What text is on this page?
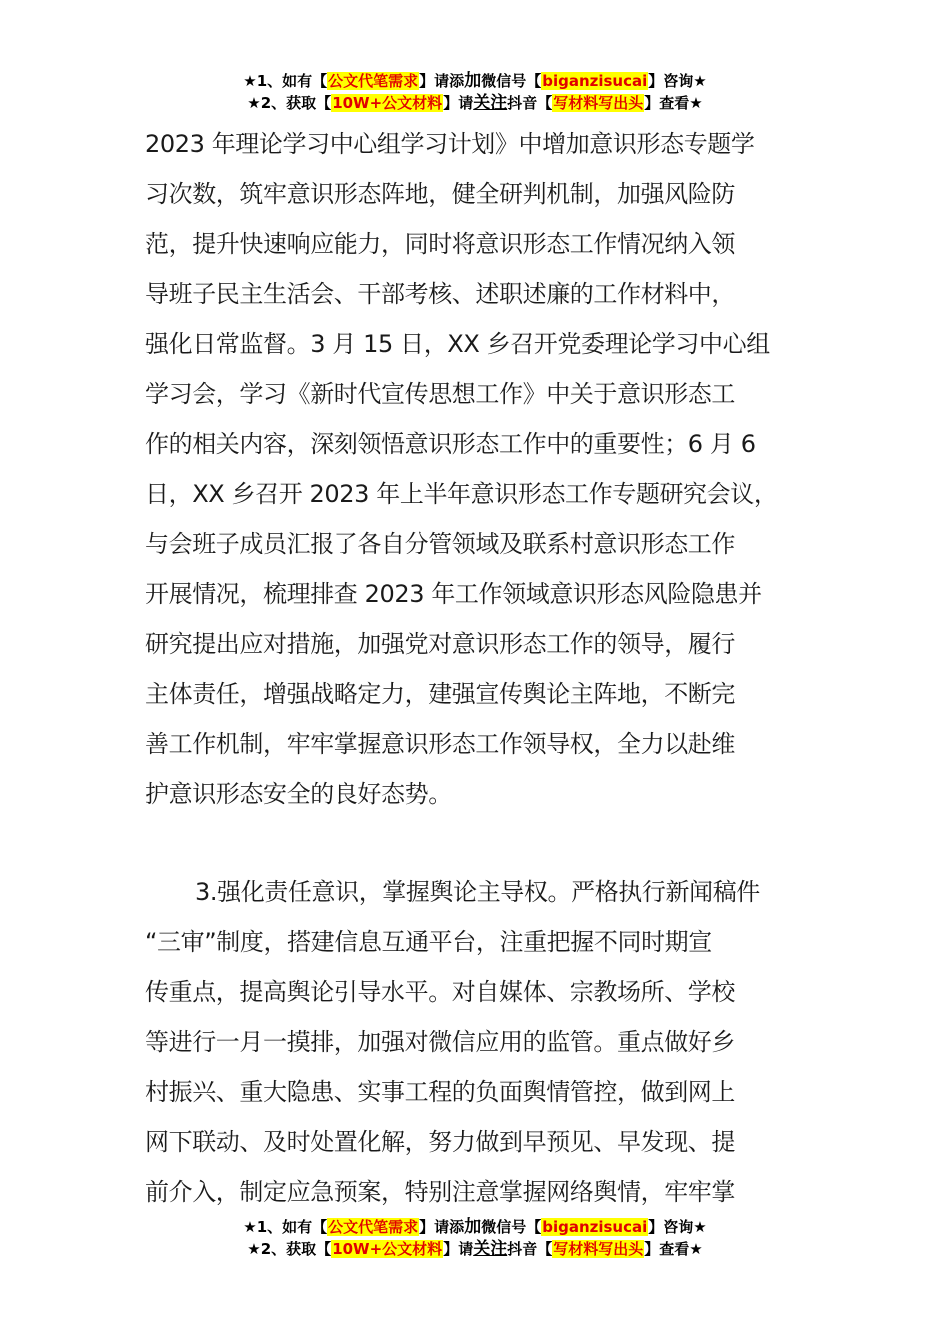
★1、如有【公文代笔需求】请添加微信号【biganzisucai】咨询★
★2、获取【10W+公文材料】请关注抖音【写材料写出头】查看★
2023 年理论学习中心组学习计划》中增加意识形态专题学
习次数，筑牢意识形态阵地，健全研判机制，加强风险防
范，提升快速响应能力，同时将意识形态工作情况纳入领
导班子民主生活会、干部考核、述职述廉的工作材料中，
强化日常监督。3 月 15 日，XX 乡召开党委理论学习中心组
学习会，学习《新时代宣传思想工作》中关于意识形态工
作的相关内容，深刻领悟意识形态工作中的重要性；6 月 6
日，XX 乡召开 2023 年上半年意识形态工作专题研究会议，
与会班子成员汇报了各自分管领域及联系村意识形态工作
开展情况，梳理排查 2023 年工作领域意识形态风险隐患并
研究提出应对措施，加强党对意识形态工作的领导，履行
主体责任，增强战略定力，建强宣传舆论主阵地，不断完
善工作机制，牢牢掌握意识形态工作领导权，全力以赴维
护意识形态安全的良好态势。
3.强化责任意识，掌握舆论主导权。严格执行新闻稿件
“三审”制度，搭建信息互通平台，注重把握不同时期宣
传重点，提高舆论引导水平。对自媒体、宗教场所、学校
等进行一月一摸排，加强对微信应用的监管。重点做好乡
村振兴、重大隐患、实事工程的负面舆情管控，做到网上
网下联动、及时处置化解，努力做到早预见、早发现、提
前介入，制定应急预案，特别注意掌握网络舆情，牢牢掌
★1、如有【公文代笔需求】请添加微信号【biganzisucai】咨询★
★2、获取【10W+公文材料】请关注抖音【写材料写出头】查看★
